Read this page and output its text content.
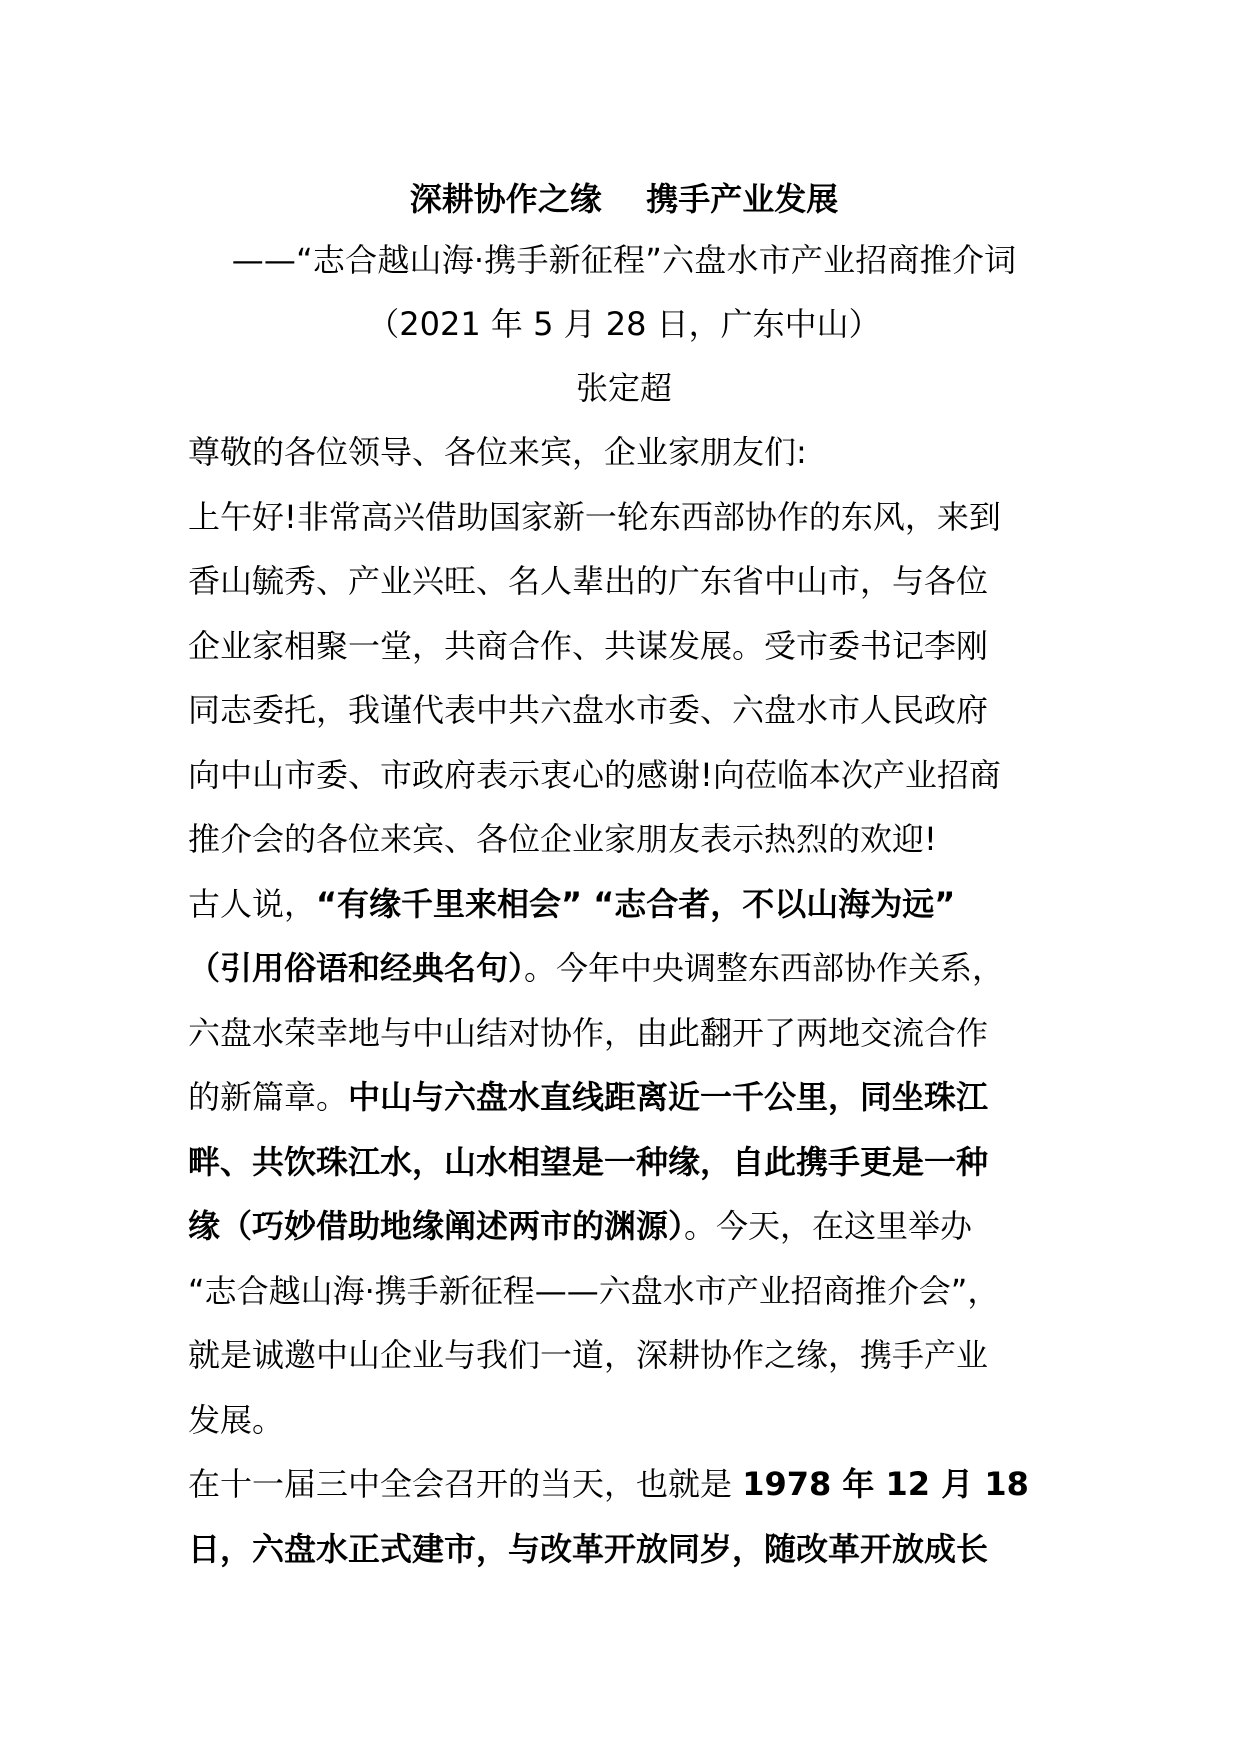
深耕协作之缘    携手产业发展
——“志合越山海·携手新征程”六盘水市产业招商推介词
（2021 年 5 月 28 日，广东中山）
张定超

尊敬的各位领导、各位来宾，企业家朋友们:

上午好!非常高兴借助国家新一轮东西部协作的东风，来到
香山毓秀、产业兴旺、名人辈出的广东省中山市，与各位
企业家相聚一堂，共商合作、共谋发展。受市委书记李刚
同志委托，我谨代表中共六盘水市委、六盘水市人民政府
向中山市委、市政府表示衷心的感谢!向莅临本次产业招商
推介会的各位来宾、各位企业家朋友表示热烈的欢迎!

古人说，“有缘千里来相会” “志合者，不以山海为远”
（引用俗语和经典名句）。今年中央调整东西部协作关系，
六盘水荣幸地与中山结对协作，由此翻开了两地交流合作
的新篇章。中山与六盘水直线距离近一千公里，同坐珠江
畔、共饮珠江水，山水相望是一种缘，自此携手更是一种
缘（巧妙借助地缘阐述两市的渊源）。今天，在这里举办
“志合越山海·携手新征程——六盘水市产业招商推介会”，
就是诚邀中山企业与我们一道，深耕协作之缘，携手产业
发展。

在十一届三中全会召开的当天，也就是 1978 年 12 月 18
日，六盘水正式建市，与改革开放同岁，随改革开放成长
